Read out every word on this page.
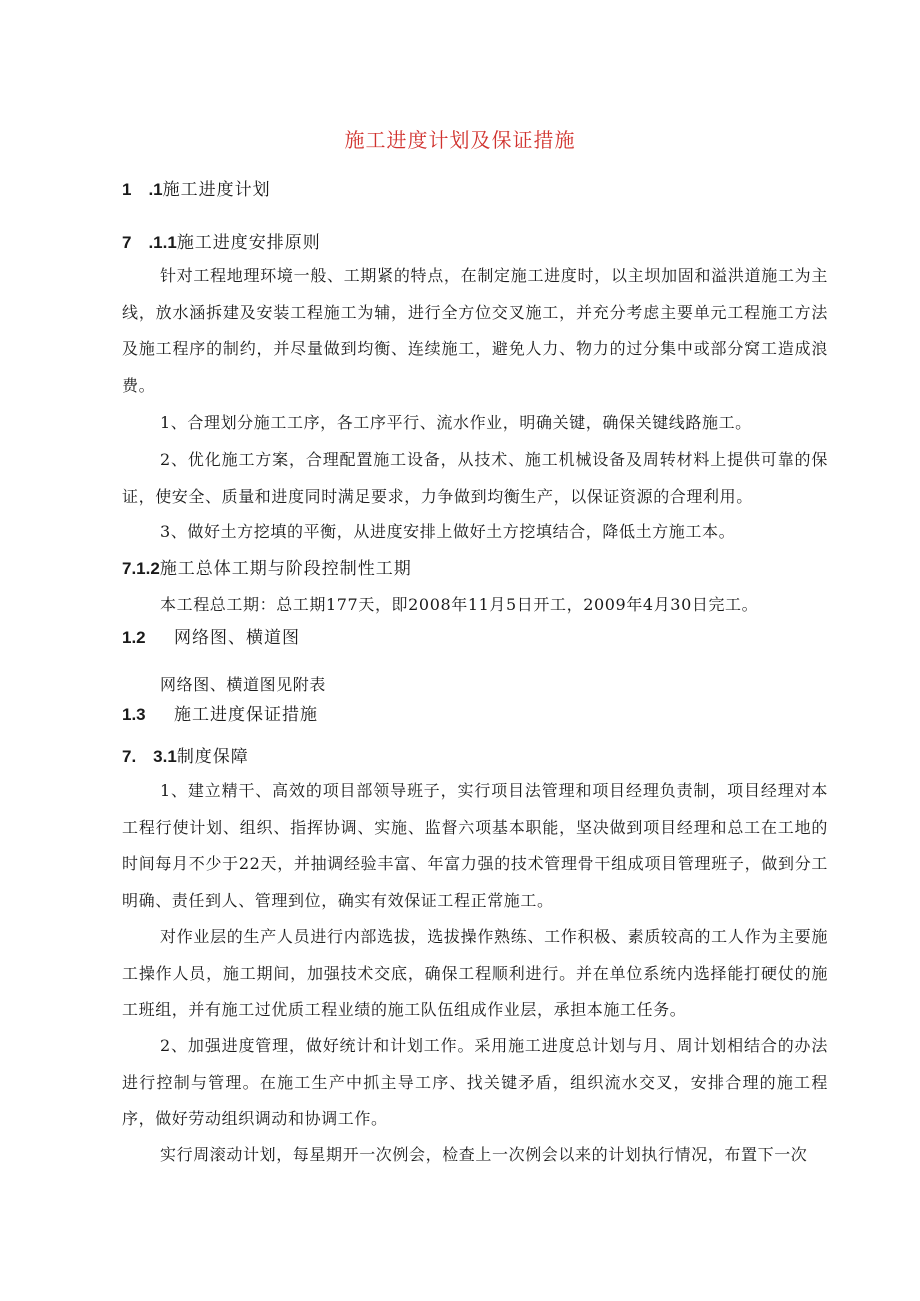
施工进度计划及保证措施
1　.1施工进度计划
7　.1.1施工进度安排原则

针对工程地理环境一般、工期紧的特点，在制定施工进度时，以主坝加固和溢洪道施工为主线，放水涵拆建及安装工程施工为辅，进行全方位交叉施工，并充分考虑主要单元工程施工方法及施工程序的制约，并尽量做到均衡、连续施工，避免人力、物力的过分集中或部分窝工造成浪费。

1、合理划分施工工序，各工序平行、流水作业，明确关键，确保关键线路施工。

2、优化施工方案，合理配置施工设备，从技术、施工机械设备及周转材料上提供可靠的保证，使安全、质量和进度同时满足要求，力争做到均衡生产，以保证资源的合理利用。

3、做好土方挖填的平衡，从进度安排上做好土方挖填结合，降低土方施工本。

7.1.2施工总体工期与阶段控制性工期

本工程总工期：总工期177天，即2008年11月5日开工，2009年4月30日完工。

1.2 网络图、横道图

网络图、横道图见附表

1.3 施工进度保证措施
7.　3.1制度保障

1、建立精干、高效的项目部领导班子，实行项目法管理和项目经理负责制，项目经理对本工程行使计划、组织、指挥协调、实施、监督六项基本职能，坚决做到项目经理和总工在工地的时间每月不少于22天，并抽调经验丰富、年富力强的技术管理骨干组成项目管理班子，做到分工明确、责任到人、管理到位，确实有效保证工程正常施工。

对作业层的生产人员进行内部选拔，选拔操作熟练、工作积极、素质较高的工人作为主要施工操作人员，施工期间，加强技术交底，确保工程顺利进行。并在单位系统内选择能打硬仗的施工班组，并有施工过优质工程业绩的施工队伍组成作业层，承担本施工任务。

2、加强进度管理，做好统计和计划工作。采用施工进度总计划与月、周计划相结合的办法进行控制与管理。在施工生产中抓主导工序、找关键矛盾，组织流水交叉，安排合理的施工程序，做好劳动组织调动和协调工作。

实行周滚动计划，每星期开一次例会，检查上一次例会以来的计划执行情况，布置下一次
